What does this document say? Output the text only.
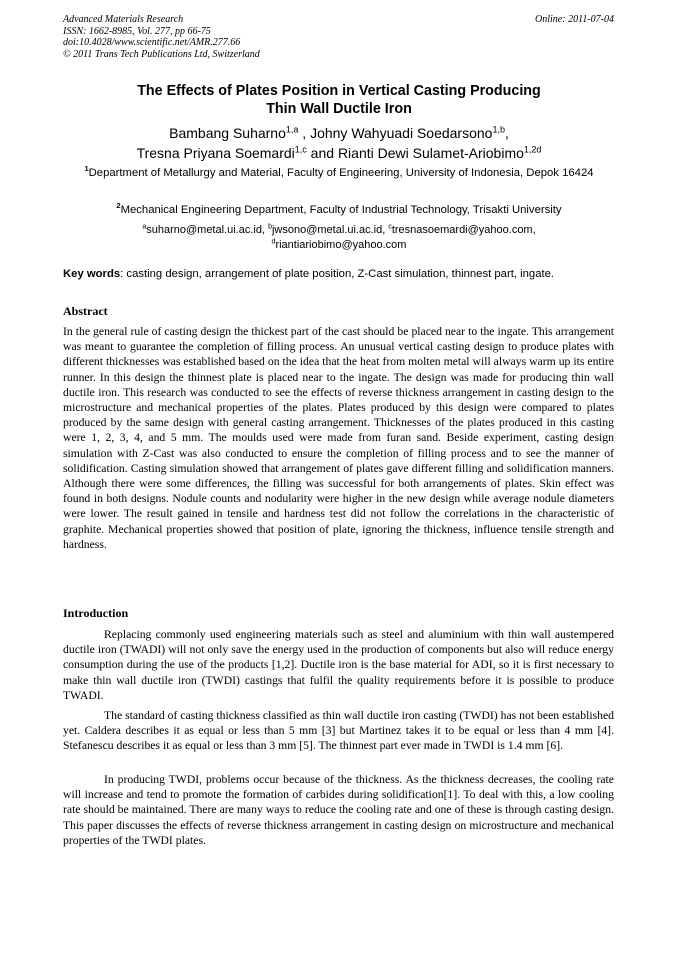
Advanced Materials Research
ISSN: 1662-8985, Vol. 277, pp 66-75
doi:10.4028/www.scientific.net/AMR.277.66
© 2011 Trans Tech Publications Ltd, Switzerland
Online: 2011-07-04
The Effects of Plates Position in Vertical Casting Producing
Thin Wall Ductile Iron
Bambang Suharno$^{1,a}$ , Johny Wahyuadi Soedarsono$^{1,b}$,
Tresna Priyana Soemardi$^{1,c}$ and Rianti Dewi Sulamet-Ariobimo$^{1,2d}$
$^1$Department of Metallurgy and Material, Faculty of Engineering, University of Indonesia, Depok 16424
$^2$Mechanical Engineering Department, Faculty of Industrial Technology, Trisakti University
$^a$suharno@metal.ui.ac.id, $^b$jwsono@metal.ui.ac.id, $^c$tresnasoemardi@yahoo.com,
$^d$riantiariobimo@yahoo.com
Key words: casting design, arrangement of plate position, Z-Cast simulation, thinnest part, ingate.
Abstract

In the general rule of casting design the thickest part of the cast should be placed near to the ingate. This arrangement was meant to guarantee the completion of filling process. An unusual vertical casting design to produce plates with different thicknesses was established based on the idea that the heat from molten metal will always warm up its entire runner. In this design the thinnest plate is placed near to the ingate. The design was made for producing thin wall ductile iron. This research was conducted to see the effects of reverse thickness arrangement in casting design to the microstructure and mechanical properties of the plates. Plates produced by this design were compared to plates produced by the same design with general casting arrangement. Thicknesses of the plates produced in this casting were 1, 2, 3, 4, and 5 mm. The moulds used were made from furan sand. Beside experiment, casting design simulation with Z-Cast was also conducted to ensure the completion of filling process and to see the manner of solidification. Casting simulation showed that arrangement of plates gave different filling and solidification manners. Although there were some differences, the filling was successful for both arrangements of plates. Skin effect was found in both designs. Nodule counts and nodularity were higher in the new design while average nodule diameters were lower. The result gained in tensile and hardness test did not follow the correlations in the characteristic of graphite. Mechanical properties showed that position of plate, ignoring the thickness, influence tensile strength and hardness.

Introduction

Replacing commonly used engineering materials such as steel and aluminium with thin wall austempered ductile iron (TWADI) will not only save the energy used in the production of components but also will reduce energy consumption during the use of the products [1,2]. Ductile iron is the base material for ADI, so it is first necessary to make thin wall ductile iron (TWDI) castings that fulfil the quality requirements before it is possible to produce TWADI.

The standard of casting thickness classified as thin wall ductile iron casting (TWDI) has not been established yet. Caldera describes it as equal or less than 5 mm [3] but Martinez takes it to be equal or less than 4 mm [4]. Stefanescu describes it as equal or less than 3 mm [5]. The thinnest part ever made in TWDI is 1.4 mm [6].

In producing TWDI, problems occur because of the thickness. As the thickness decreases, the cooling rate will increase and tend to promote the formation of carbides during solidification[1]. To deal with this, a low cooling rate should be maintained. There are many ways to reduce the cooling rate and one of these is through casting design. This paper discusses the effects of reverse thickness arrangement in casting design on microstructure and mechanical properties of the TWDI plates.
